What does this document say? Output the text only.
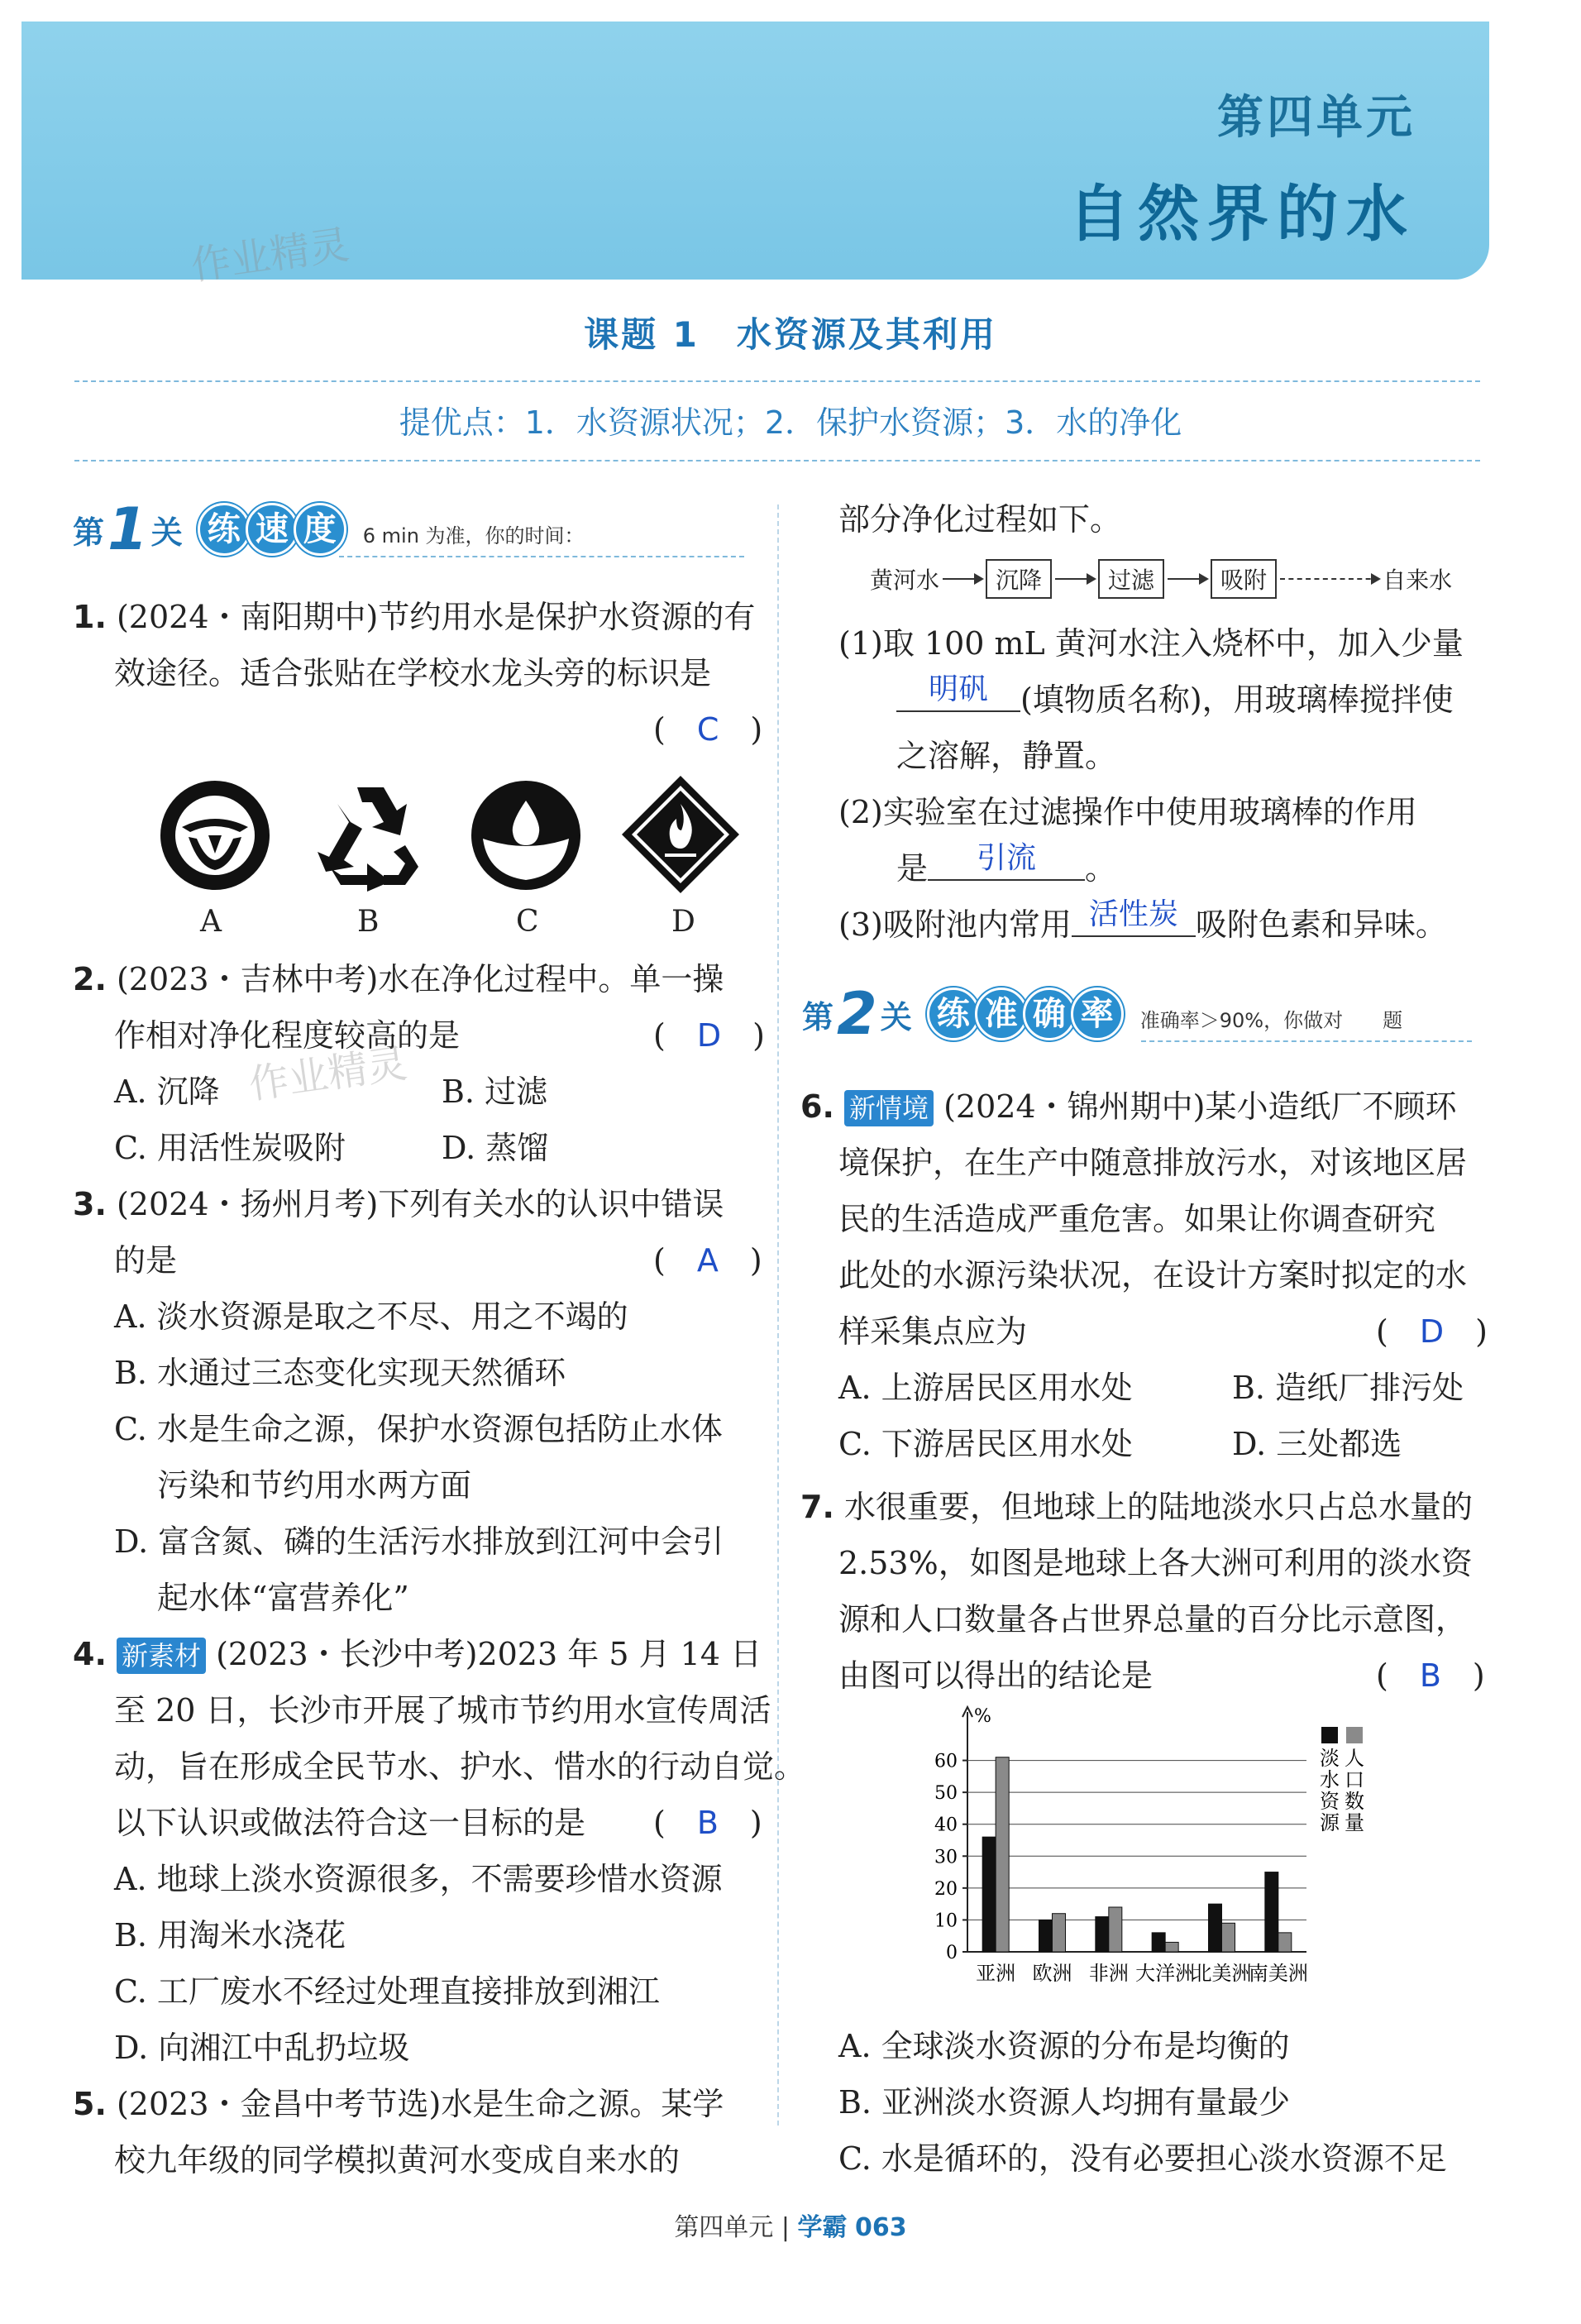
作业精灵
第四单元
自然界的水
课题 1　水资源及其利用
提优点：1．水资源状况；2．保护水资源；3．水的净化
第 1 关 练 速 度 6 min 为准，你的时间：
1. (2024・南阳期中)节约用水是保护水资源的有
效途径。适合张贴在学校水龙头旁的标识是
(　C　)
A	B	C	D
2. (2023・吉林中考)水在净化过程中。单一操
作相对净化程度较高的是	(　D　)
作业精灵
A. 沉降	B. 过滤
C. 用活性炭吸附	D. 蒸馏
3. (2024・扬州月考)下列有关水的认识中错误
的是	(　A　)
A. 淡水资源是取之不尽、用之不竭的
B. 水通过三态变化实现天然循环
C. 水是生命之源，保护水资源包括防止水体
污染和节约用水两方面
D. 富含氮、磷的生活污水排放到江河中会引
起水体“富营养化”
4. 新素材 (2023・长沙中考)2023 年 5 月 14 日
至 20 日，长沙市开展了城市节约用水宣传周活
动，旨在形成全民节水、护水、惜水的行动自觉。
以下认识或做法符合这一目标的是 (　B　)
A. 地球上淡水资源很多，不需要珍惜水资源
B. 用淘米水浇花
C. 工厂废水不经过处理直接排放到湘江
D. 向湘江中乱扔垃圾
5. (2023・金昌中考节选)水是生命之源。某学
校九年级的同学模拟黄河水变成自来水的
部分净化过程如下。
黄河水	沉降	过滤	吸附	自来水
(1)取 100 mL 黄河水注入烧杯中，加入少量
明矾 (填物质名称)，用玻璃棒搅拌使
之溶解，静置。
(2)实验室在过滤操作中使用玻璃棒的作用
是 引流 。
(3)吸附池内常用 活性炭 吸附色素和异味。
第 2 关 练 准 确 率 准确率＞90%，你做对　　题
6. 新情境 (2024・锦州期中)某小造纸厂不顾环
境保护，在生产中随意排放污水，对该地区居
民的生活造成严重危害。如果让你调查研究
此处的水源污染状况，在设计方案时拟定的水
样采集点应为	(　D　)
A. 上游居民区用水处	B. 造纸厂排污处
C. 下游居民区用水处	D. 三处都选
7. 水很重要，但地球上的陆地淡水只占总水量的
2.53%，如图是地球上各大洲可利用的淡水资
源和人口数量各占世界总量的百分比示意图，
由图可以得出的结论是	(　B　)
%
0
10
20
30
40
50
60
亚洲 欧洲 非洲 大洋洲
北美洲
南美洲
淡
水
资
源
人
口
数
量
A. 全球淡水资源的分布是均衡的
B. 亚洲淡水资源人均拥有量最少
C. 水是循环的，没有必要担心淡水资源不足
第四单元 | 学霸 063
